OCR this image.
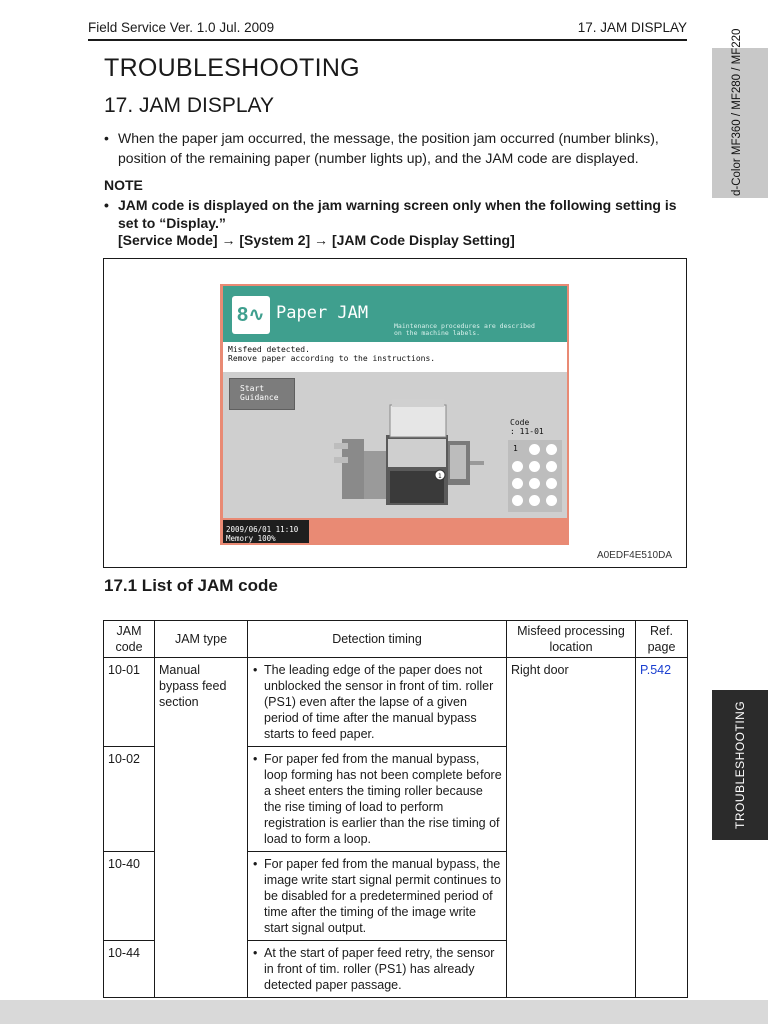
Field Service Ver. 1.0 Jul. 2009	17. JAM DISPLAY
TROUBLESHOOTING
17. JAM DISPLAY
• When the paper jam occurred, the message, the position jam occurred (number blinks), position of the remaining paper (number lights up), and the JAM code are displayed.
NOTE
• JAM code is displayed on the jam warning screen only when the following setting is set to “Display.”
[Service Mode] → [System 2] → [JAM Code Display Setting]
8∿ Paper JAM
Maintenance procedures are described on the machine labels.
Misfeed detected.
Remove paper according to the instructions.
Start Guidance
1
Code
: 11-01
1
2009/06/01 11:10
Memory 100%
A0EDF4E510DA
17.1 List of JAM code
JAM code	JAM type	Detection timing	Misfeed processing location	Ref. page
10-01	Manual bypass feed section	• The leading edge of the paper does not unblocked the sensor in front of tim. roller (PS1) even after the lapse of a given period of time after the manual bypass starts to feed paper.	Right door	P.542
10-02		• For paper fed from the manual bypass, loop forming has not been complete before a sheet enters the timing roller because the rise timing of load to perform registration is earlier than the rise timing of load to form a loop.		
10-40		• For paper fed from the manual bypass, the image write start signal permit continues to be disabled for a predetermined period of time after the timing of the image write start signal output.		
10-44		• At the start of paper feed retry, the sensor in front of tim. roller (PS1) has already detected paper passage.		
d-Color MF360 / MF280 / MF220
TROUBLESHOOTING
